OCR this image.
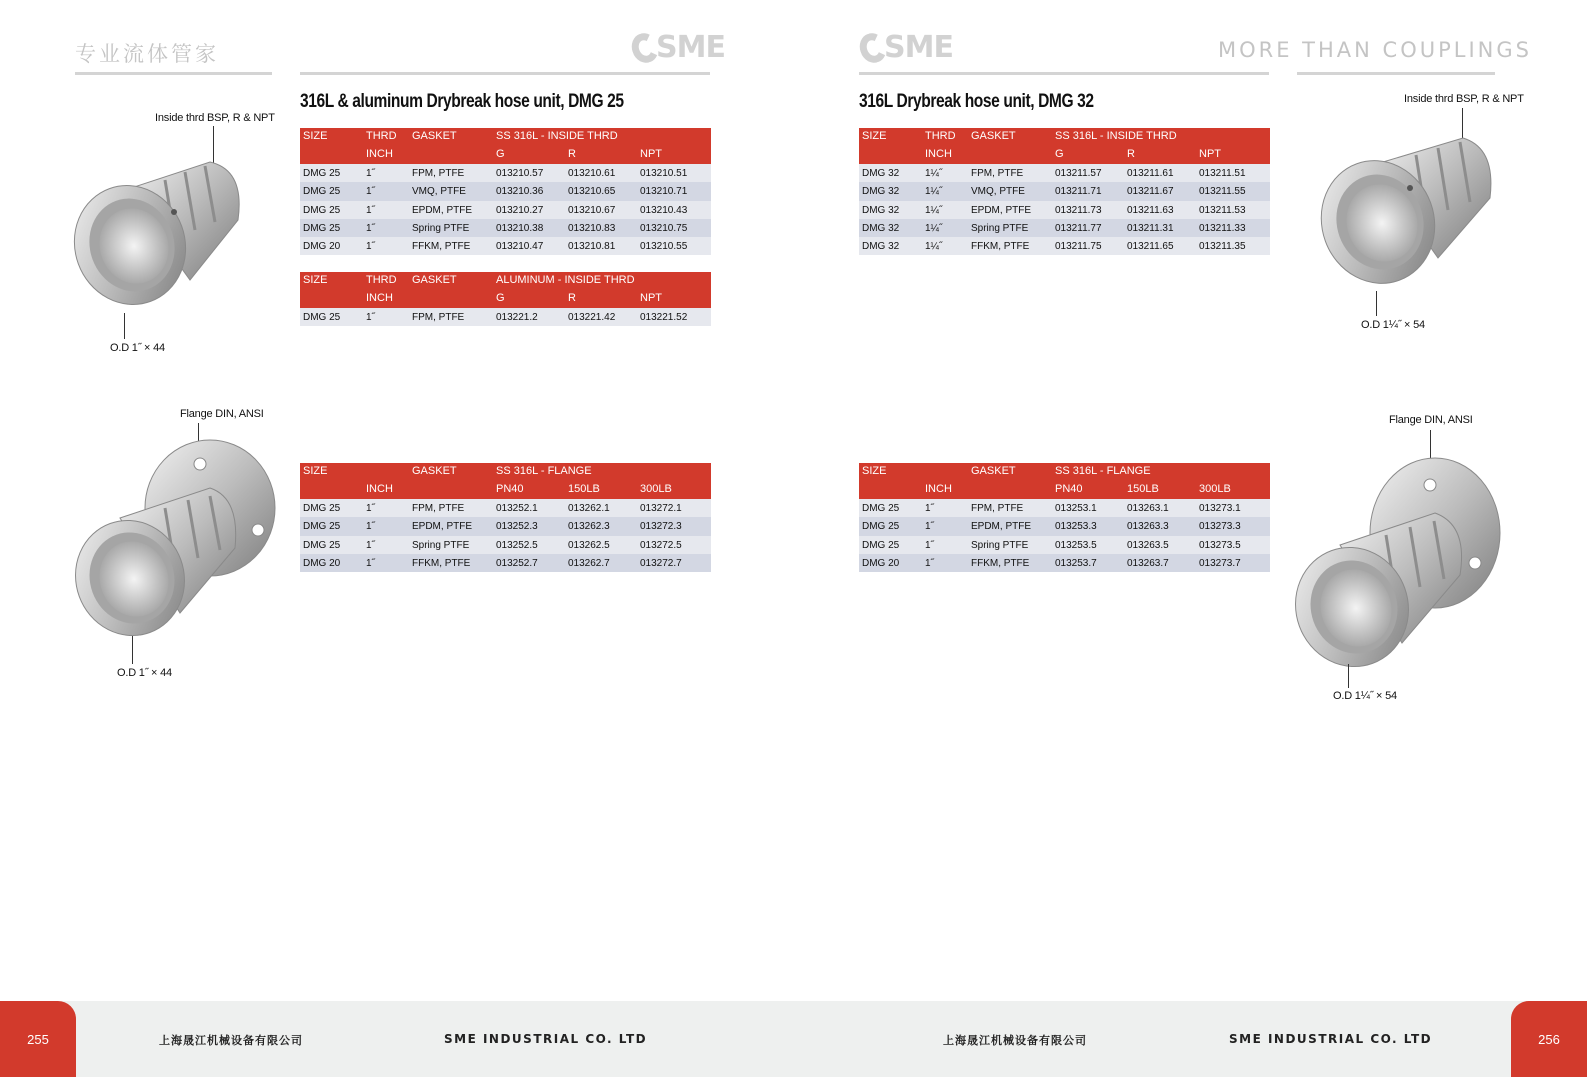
专业流体管家	SME	SME	MORE THAN COUPLINGS
316L & aluminum Drybreak hose unit, DMG 25	316L Drybreak hose unit, DMG 32
SIZE	THRD GASKET	SS 316L - INSIDE THRD
INCH	G	R	NPT
DMG 25	1˝	FPM, PTFE	013210.57 013210.61 013210.51
DMG 25	1˝	VMQ, PTFE	013210.36 013210.65 013210.71
DMG 25	1˝	EPDM, PTFE 013210.27 013210.67 013210.43
DMG 25	1˝	Spring PTFE	013210.38 013210.83 013210.75
DMG 20	1˝	FFKM, PTFE	013210.47 013210.81 013210.55
SIZE	THRD GASKET	ALUMINUM - INSIDE THRD
INCH	G	R	NPT
DMG 25	1˝	FPM, PTFE	013221.2	013221.42 013221.52
SIZE	GASKET	SS 316L - FLANGE
INCH	PN40	150LB	300LB
DMG 25	1˝	FPM, PTFE	013252.1	013262.1	013272.1
DMG 25	1˝	EPDM, PTFE 013252.3	013262.3	013272.3
DMG 25	1˝	Spring PTFE	013252.5	013262.5	013272.5
DMG 20	1˝	FFKM, PTFE	013252.7	013262.7	013272.7
SIZE	THRD GASKET	SS 316L - INSIDE THRD
INCH	G	R	NPT
DMG 32	1¼˝	FPM, PTFE	013211.57	013211.61	013211.51
DMG 32	1¼˝	VMQ, PTFE	013211.71	013211.67	013211.55
DMG 32	1¼˝	EPDM, PTFE 013211.73	013211.63	013211.53
DMG 32	1¼˝	Spring PTFE	013211.77	013211.31	013211.33
DMG 32	1¼˝	FFKM, PTFE	013211.75	013211.65	013211.35
SIZE	GASKET	SS 316L - FLANGE
INCH	PN40	150LB	300LB
DMG 25	1˝	FPM, PTFE	013253.1	013263.1	013273.1
DMG 25	1˝	EPDM, PTFE 013253.3	013263.3	013273.3
DMG 25	1˝	Spring PTFE	013253.5	013263.5	013273.5
DMG 20	1˝	FFKM, PTFE	013253.7	013263.7	013273.7
Inside thrd BSP, R & NPT
O.D 1˝ × 44
Flange DIN, ANSI
O.D 1˝ × 44
Inside thrd BSP, R & NPT
O.D 1¼˝ × 54
Flange DIN, ANSI
O.D 1¼˝ × 54
255	256
上海晟江机械设备有限公司	SME INDUSTRIAL CO. LTD	上海晟江机械设备有限公司	SME INDUSTRIAL CO. LTD
